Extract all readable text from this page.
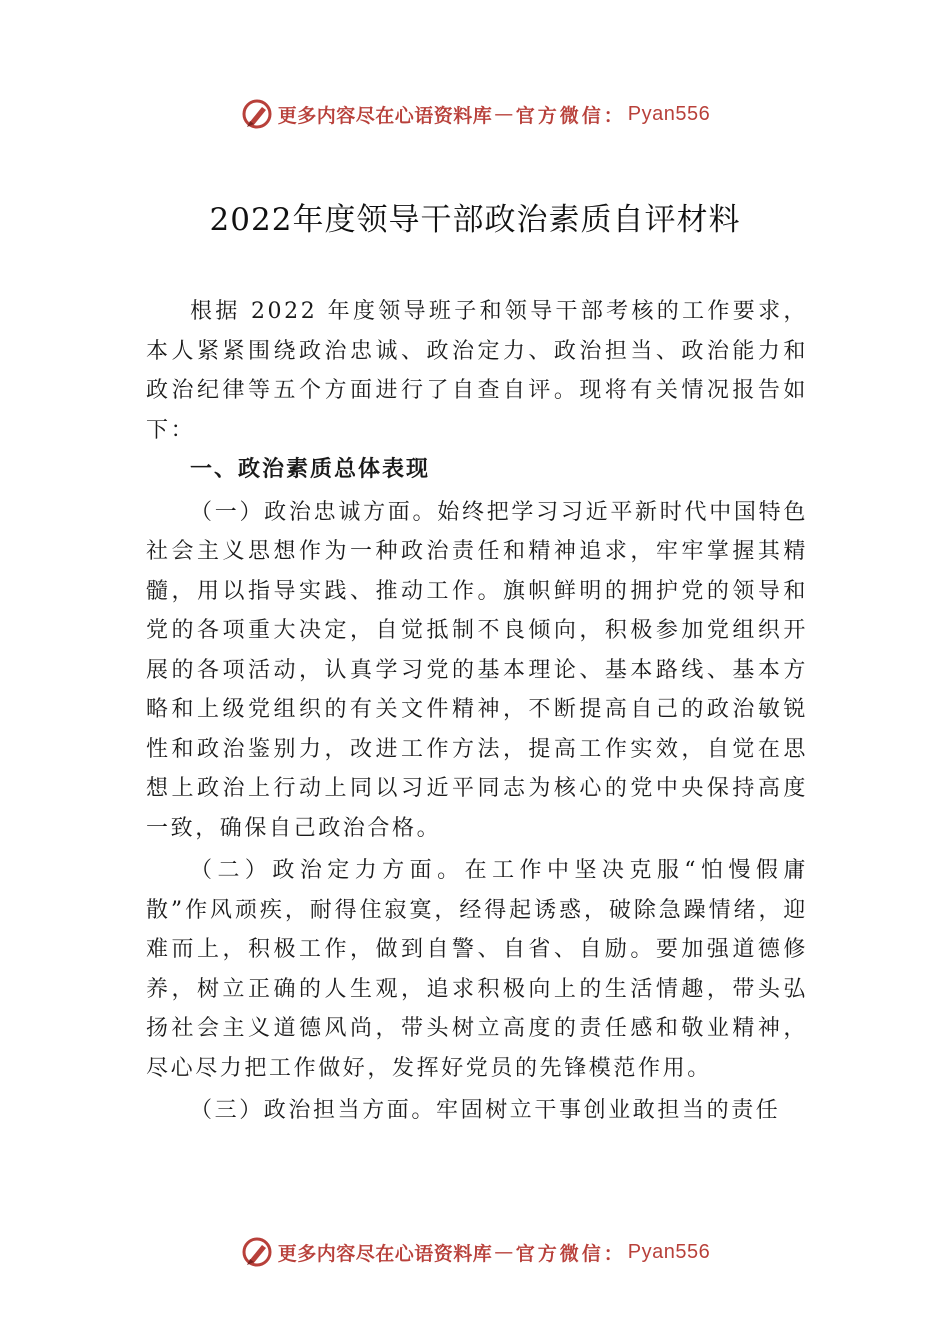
更多内容尽在心语资料库 — 官方微信： Pyan556
2022年度领导干部政治素质自评材料

根据 2022 年度领导班子和领导干部考核的工作要求，本人紧紧围绕政治忠诚、政治定力、政治担当、政治能力和政治纪律等五个方面进行了自查自评。现将有关情况报告如下：

一、政治素质总体表现

（一）政治忠诚方面。始终把学习习近平新时代中国特色社会主义思想作为一种政治责任和精神追求，牢牢掌握其精髓，用以指导实践、推动工作。旗帜鲜明的拥护党的领导和党的各项重大决定，自觉抵制不良倾向，积极参加党组织开展的各项活动，认真学习党的基本理论、基本路线、基本方略和上级党组织的有关文件精神，不断提高自己的政治敏锐性和政治鉴别力，改进工作方法，提高工作实效，自觉在思想上政治上行动上同以习近平同志为核心的党中央保持高度一致，确保自己政治合格。

（二）政治定力方面。在工作中坚决克服“怕慢假庸散”作风顽疾，耐得住寂寞，经得起诱惑，破除急躁情绪，迎难而上，积极工作，做到自警、自省、自励。要加强道德修养，树立正确的人生观，追求积极向上的生活情趣，带头弘扬社会主义道德风尚，带头树立高度的责任感和敬业精神，尽心尽力把工作做好，发挥好党员的先锋模范作用。

（三）政治担当方面。牢固树立干事创业敢担当的责任

更多内容尽在心语资料库 — 官方微信： Pyan556
